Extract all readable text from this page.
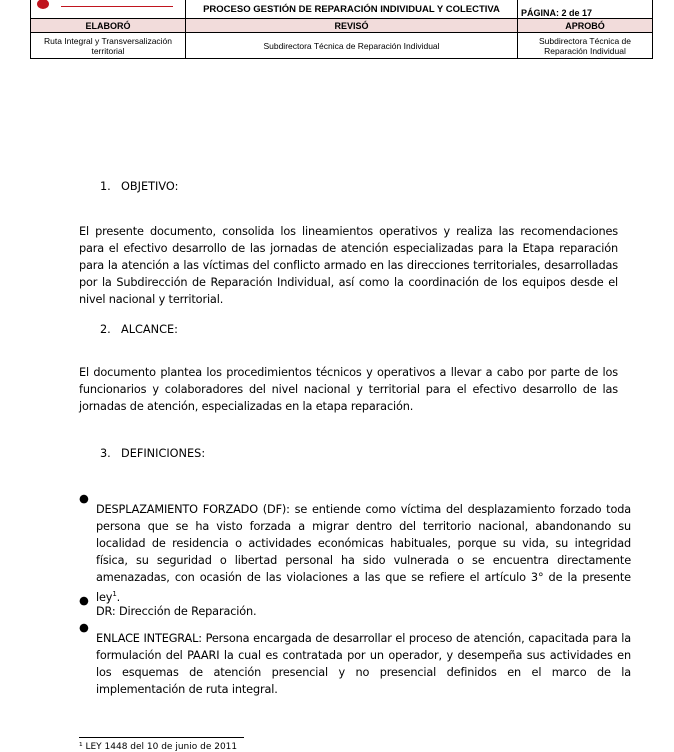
	PROCESO GESTIÓN DE REPARACIÓN INDIVIDUAL Y COLECTIVA	PÁGINA: 2 de 17

ELABORÓ	REVISÓ	APROBÓ
Ruta Integral y Transversalización territorial	Subdirectora Técnica de Reparación Individual	Subdirectora Técnica de Reparación Individual
1. OBJETIVO:

El presente documento, consolida los lineamientos operativos y realiza las recomendaciones para el efectivo desarrollo de las jornadas de atención especializadas para la Etapa reparación para la atención a las víctimas del conflicto armado en las direcciones territoriales, desarrolladas por la Subdirección de Reparación Individual, así como la coordinación de los equipos desde el nivel nacional y territorial.

2. ALCANCE:

El documento plantea los procedimientos técnicos y operativos a llevar a cabo por parte de los funcionarios y colaboradores del nivel nacional y territorial para el efectivo desarrollo de las jornadas de atención, especializadas en la etapa reparación.

3. DEFINICIONES:
●

DESPLAZAMIENTO FORZADO (DF): se entiende como víctima del desplazamiento forzado toda persona que se ha visto forzada a migrar dentro del territorio nacional, abandonando su localidad de residencia o actividades económicas habituales, porque su vida, su integridad física, su seguridad o libertad personal ha sido vulnerada o se encuentra directamente amenazadas, con ocasión de las violaciones a las que se refiere el artículo 3° de la presente ley$^1$.

●

DR: Dirección de Reparación.

●

ENLACE INTEGRAL: Persona encargada de desarrollar el proceso de atención, capacitada para la formulación del PAARI la cual es contratada por un operador, y desempeña sus actividades en los esquemas de atención presencial y no presencial definidos en el marco de la implementación de ruta integral.

¹ LEY 1448 del 10 de junio de 2011
